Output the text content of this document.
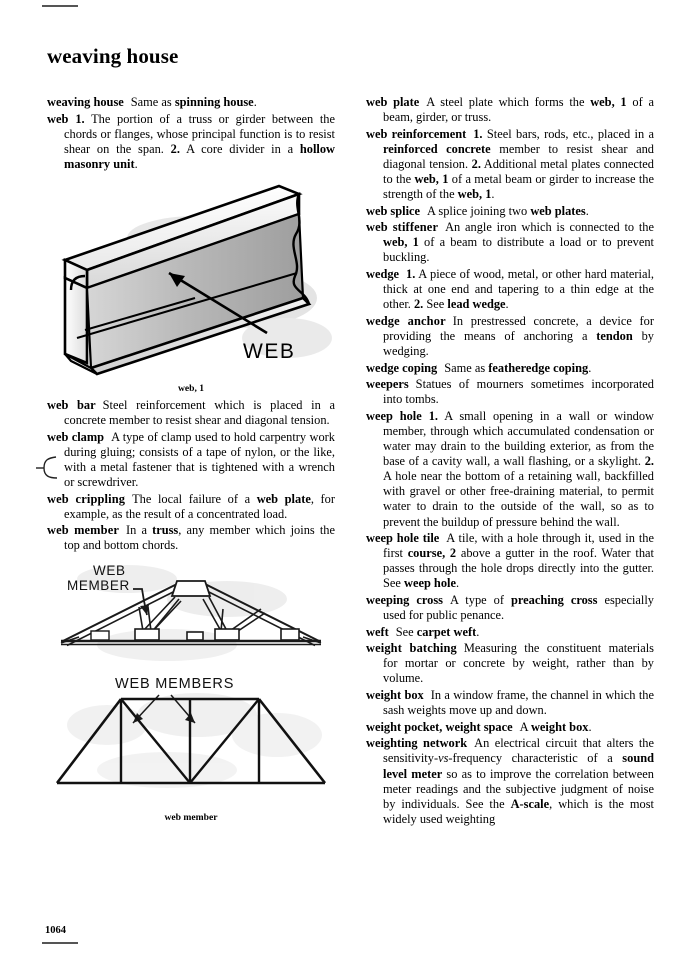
weaving house

weaving house Same as spinning house.

web 1. The portion of a truss or girder between the chords or flanges, whose principal function is to resist shear on the span. 2. A core divider in a hollow masonry unit.

WEB
web, 1

web bar Steel reinforcement which is placed in a concrete member to resist shear and diagonal tension.

web clamp A type of clamp used to hold carpentry work during gluing; consists of a tape of nylon, or the like, with a metal fastener that is tightened with a wrench or screwdriver.

web crippling The local failure of a web plate, for example, as the result of a concentrated load.

web member In a truss, any member which joins the top and bottom chords.

WEB
MEMBER
WEB MEMBERS
web member

web plate A steel plate which forms the web, 1 of a beam, girder, or truss.

web reinforcement 1. Steel bars, rods, etc., placed in a reinforced concrete member to resist shear and diagonal tension. 2. Additional metal plates connected to the web, 1 of a metal beam or girder to increase the strength of the web, 1.

web splice A splice joining two web plates.

web stiffener An angle iron which is connected to the web, 1 of a beam to distribute a load or to prevent buckling.

wedge 1. A piece of wood, metal, or other hard material, thick at one end and tapering to a thin edge at the other. 2. See lead wedge.

wedge anchor In prestressed concrete, a device for providing the means of anchoring a tendon by wedging.

wedge coping Same as featheredge coping.

weepers Statues of mourners sometimes incorporated into tombs.

weep hole 1. A small opening in a wall or window member, through which accumulated condensation or water may drain to the building exterior, as from the base of a cavity wall, a wall flashing, or a skylight. 2. A hole near the bottom of a retaining wall, backfilled with gravel or other free-draining material, to permit water to drain to the outside of the wall, so as to prevent the buildup of pressure behind the wall.

weep hole tile A tile, with a hole through it, used in the first course, 2 above a gutter in the roof. Water that passes through the hole drops directly into the gutter. See weep hole.

weeping cross A type of preaching cross especially used for public penance.

weft See carpet weft.

weight batching Measuring the constituent materials for mortar or concrete by weight, rather than by volume.

weight box In a window frame, the channel in which the sash weights move up and down.

weight pocket, weight space A weight box.

weighting network An electrical circuit that alters the sensitivity-vs-frequency characteristic of a sound level meter so as to improve the correlation between meter readings and the subjective judgment of noise by individuals. See the A-scale, which is the most widely used weighting

1064
